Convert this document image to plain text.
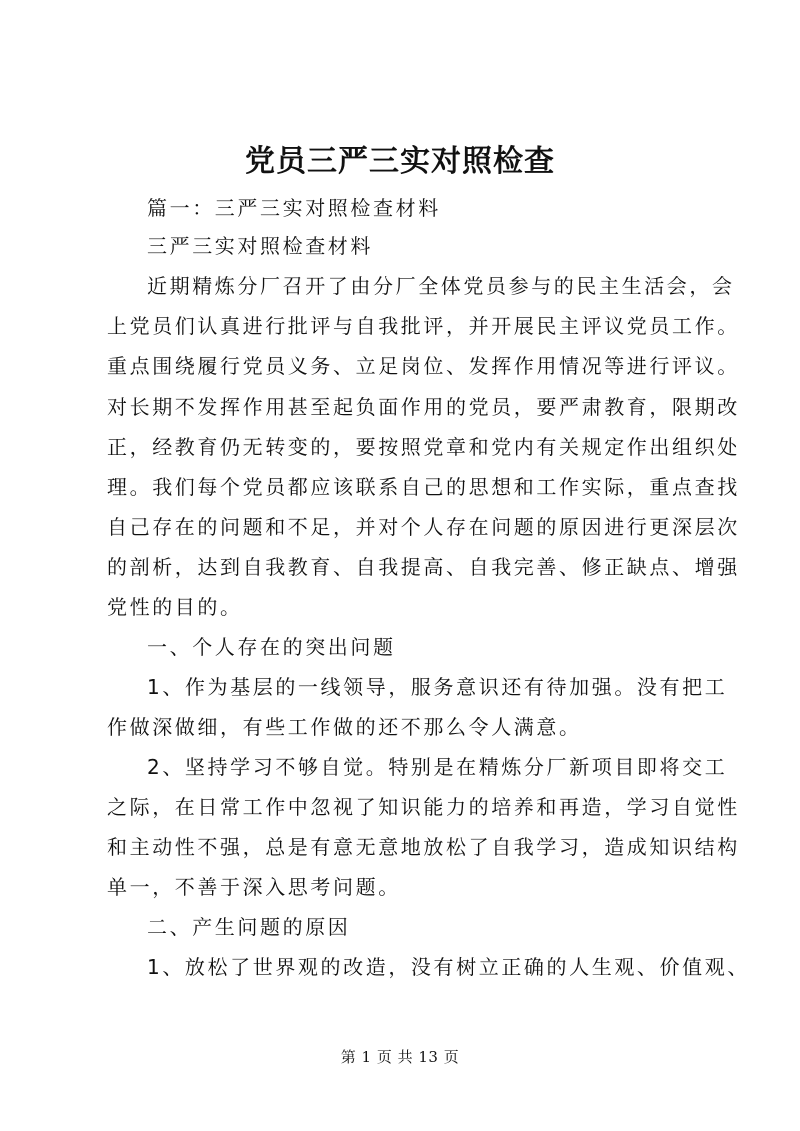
党员三严三实对照检查
篇一：三严三实对照检查材料
三严三实对照检查材料
近期精炼分厂召开了由分厂全体党员参与的民主生活会，会
上党员们认真进行批评与自我批评，并开展民主评议党员工作。
重点围绕履行党员义务、立足岗位、发挥作用情况等进行评议。
对长期不发挥作用甚至起负面作用的党员，要严肃教育，限期改
正，经教育仍无转变的，要按照党章和党内有关规定作出组织处
理。我们每个党员都应该联系自己的思想和工作实际，重点查找
自己存在的问题和不足，并对个人存在问题的原因进行更深层次
的剖析，达到自我教育、自我提高、自我完善、修正缺点、增强
党性的目的。
一、个人存在的突出问题
1、作为基层的一线领导，服务意识还有待加强。没有把工
作做深做细，有些工作做的还不那么令人满意。
2、坚持学习不够自觉。特别是在精炼分厂新项目即将交工
之际，在日常工作中忽视了知识能力的培养和再造，学习自觉性
和主动性不强，总是有意无意地放松了自我学习，造成知识结构
单一，不善于深入思考问题。
二、产生问题的原因
1、放松了世界观的改造，没有树立正确的人生观、价值观、
第 1 页 共 13 页
